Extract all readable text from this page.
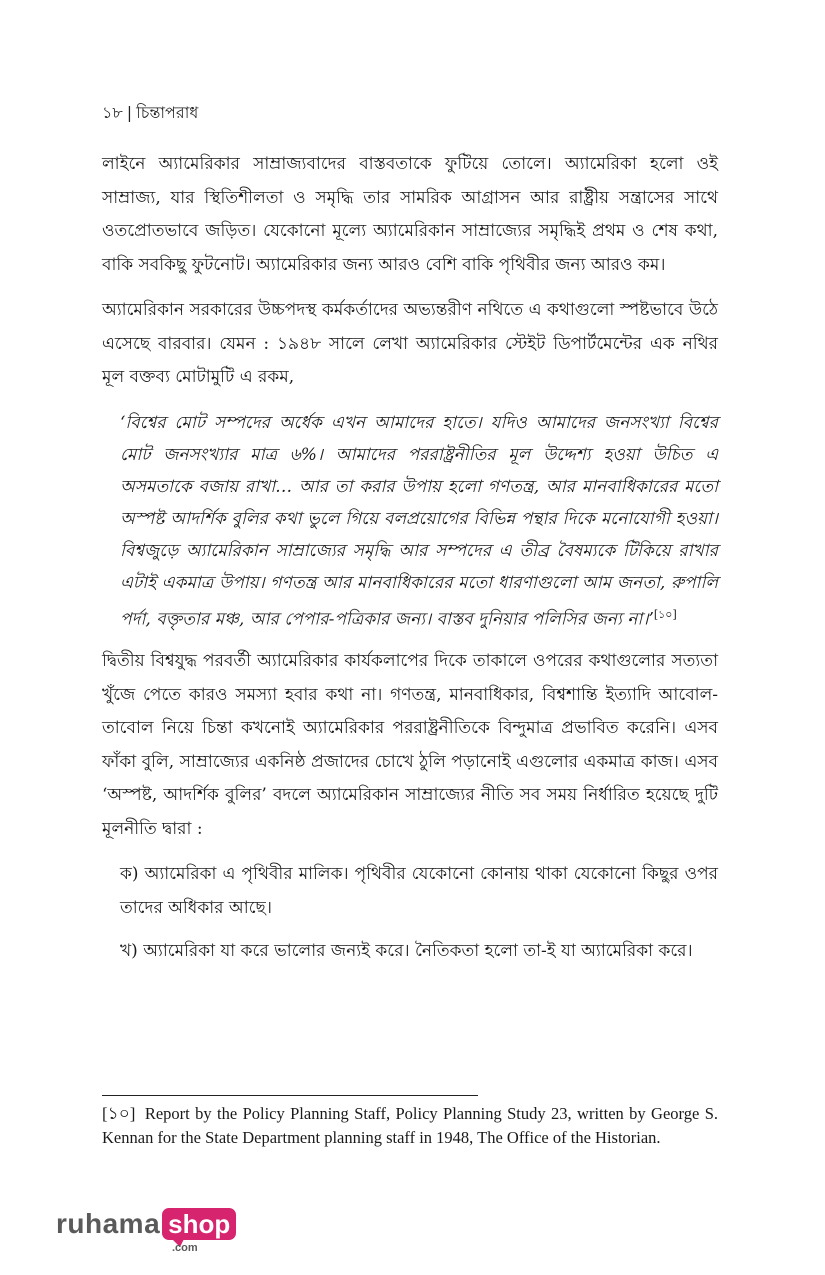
১৮ | চিন্তাপরাধ

লাইনে অ্যামেরিকার সাম্রাজ্যবাদের বাস্তবতাকে ফুটিয়ে তোলে। অ্যামেরিকা হলো ওই সাম্রাজ্য, যার স্থিতিশীলতা ও সমৃদ্ধি তার সামরিক আগ্রাসন আর রাষ্ট্রীয় সন্ত্রাসের সাথে ওতপ্রোতভাবে জড়িত। যেকোনো মূল্যে অ্যামেরিকান সাম্রাজ্যের সমৃদ্ধিই প্রথম ও শেষ কথা, বাকি সবকিছু ফুটনোট। অ্যামেরিকার জন্য আরও বেশি বাকি পৃথিবীর জন্য আরও কম।

অ্যামেরিকান সরকারের উচ্চপদস্থ কর্মকর্তাদের অভ্যন্তরীণ নথিতে এ কথাগুলো স্পষ্টভাবে উঠে এসেছে বারবার। যেমন : ১৯৪৮ সালে লেখা অ্যামেরিকার স্টেইট ডিপার্টমেন্টের এক নথির মূল বক্তব্য মোটামুটি এ রকম,

‘বিশ্বের মোট সম্পদের অর্ধেক এখন আমাদের হাতে। যদিও আমাদের জনসংখ্যা বিশ্বের মোট জনসংখ্যার মাত্র ৬%। আমাদের পররাষ্ট্রনীতির মূল উদ্দেশ্য হওয়া উচিত এ অসমতাকে বজায় রাখা… আর তা করার উপায় হলো গণতন্ত্র, আর মানবাধিকারের মতো অস্পষ্ট আদর্শিক বুলির কথা ভুলে গিয়ে বলপ্রয়োগের বিভিন্ন পন্থার দিকে মনোযোগী হওয়া। বিশ্বজুড়ে অ্যামেরিকান সাম্রাজ্যের সমৃদ্ধি আর সম্পদের এ তীব্র বৈষম্যকে টিকিয়ে রাখার এটাই একমাত্র উপায়। গণতন্ত্র আর মানবাধিকারের মতো ধারণাগুলো আম জনতা, রুপালি পর্দা, বক্তৃতার মঞ্চ, আর পেপার-পত্রিকার জন্য। বাস্তব দুনিয়ার পলিসির জন্য না।’[১০]

দ্বিতীয় বিশ্বযুদ্ধ পরবর্তী অ্যামেরিকার কার্যকলাপের দিকে তাকালে ওপরের কথাগুলোর সত্যতা খুঁজে পেতে কারও সমস্যা হবার কথা না। গণতন্ত্র, মানবাধিকার, বিশ্বশান্তি ইত্যাদি আবোল-তাবোল নিয়ে চিন্তা কখনোই অ্যামেরিকার পররাষ্ট্রনীতিকে বিন্দুমাত্র প্রভাবিত করেনি। এসব ফাঁকা বুলি, সাম্রাজ্যের একনিষ্ঠ প্রজাদের চোখে ঠুলি পড়ানোই এগুলোর একমাত্র কাজ। এসব ‘অস্পষ্ট, আদর্শিক বুলির’ বদলে অ্যামেরিকান সাম্রাজ্যের নীতি সব সময় নির্ধারিত হয়েছে দুটি মূলনীতি দ্বারা :

ক) অ্যামেরিকা এ পৃথিবীর মালিক। পৃথিবীর যেকোনো কোনায় থাকা যেকোনো কিছুর ওপর তাদের অধিকার আছে।

খ) অ্যামেরিকা যা করে ভালোর জন্যই করে। নৈতিকতা হলো তা-ই যা অ্যামেরিকা করে।

[১০] Report by the Policy Planning Staff, Policy Planning Study 23, written by George S. Kennan for the State Department planning staff in 1948, The Office of the Historian.
ruhama shop
.com
